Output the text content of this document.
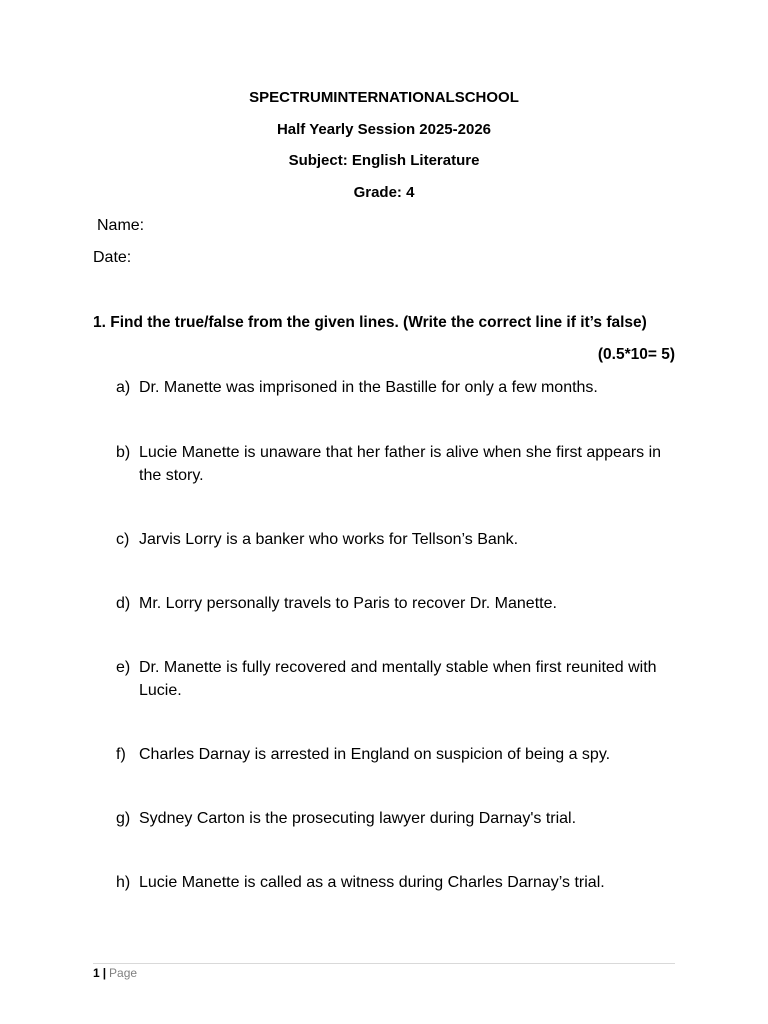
SPECTRUMINTERNATIONALSCHOOL
Half Yearly Session 2025-2026
Subject: English Literature
Grade: 4
Name:
Date:
1. Find the true/false from the given lines. (Write the correct line if it’s false)
(0.5*10= 5)
a) Dr. Manette was imprisoned in the Bastille for only a few months.
b) Lucie Manette is unaware that her father is alive when she first appears in the story.
c) Jarvis Lorry is a banker who works for Tellson’s Bank.
d) Mr. Lorry personally travels to Paris to recover Dr. Manette.
e) Dr. Manette is fully recovered and mentally stable when first reunited with Lucie.
f) Charles Darnay is arrested in England on suspicion of being a spy.
g) Sydney Carton is the prosecuting lawyer during Darnay's trial.
h) Lucie Manette is called as a witness during Charles Darnay’s trial.
1 | Page
